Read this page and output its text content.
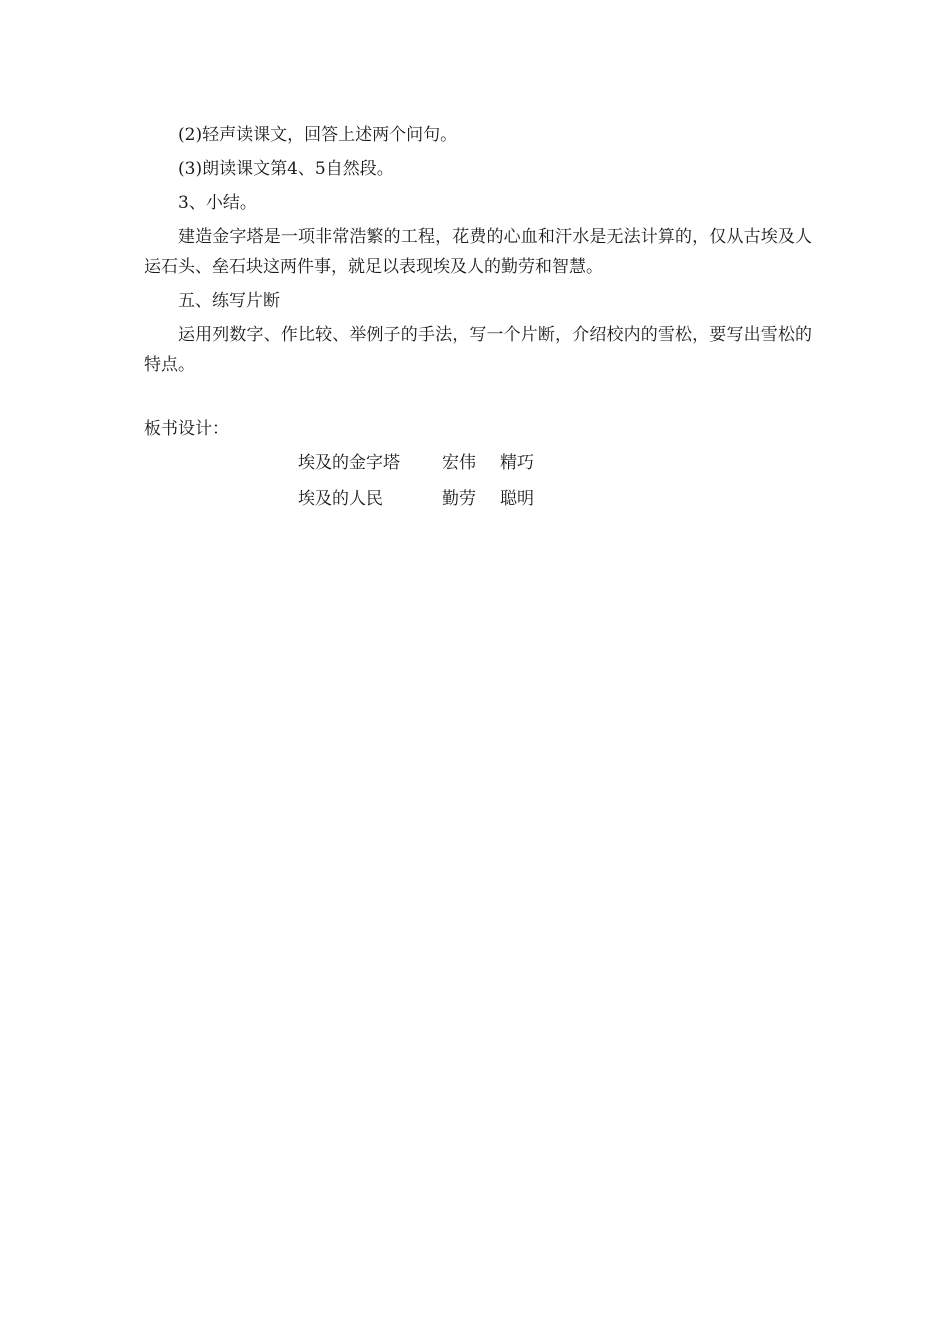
(2)轻声读课文，回答上述两个问句。

(3)朗读课文第4、5自然段。

3、小结。

建造金字塔是一项非常浩繁的工程，花费的心血和汗水是无法计算的，仅从古埃及人运石头、垒石块这两件事，就足以表现埃及人的勤劳和智慧。

五、练写片断

运用列数字、作比较、举例子的手法，写一个片断，介绍校内的雪松，要写出雪松的特点。

板书设计：

埃及的金字塔 宏伟 精巧
埃及的人民	勤劳 聪明
